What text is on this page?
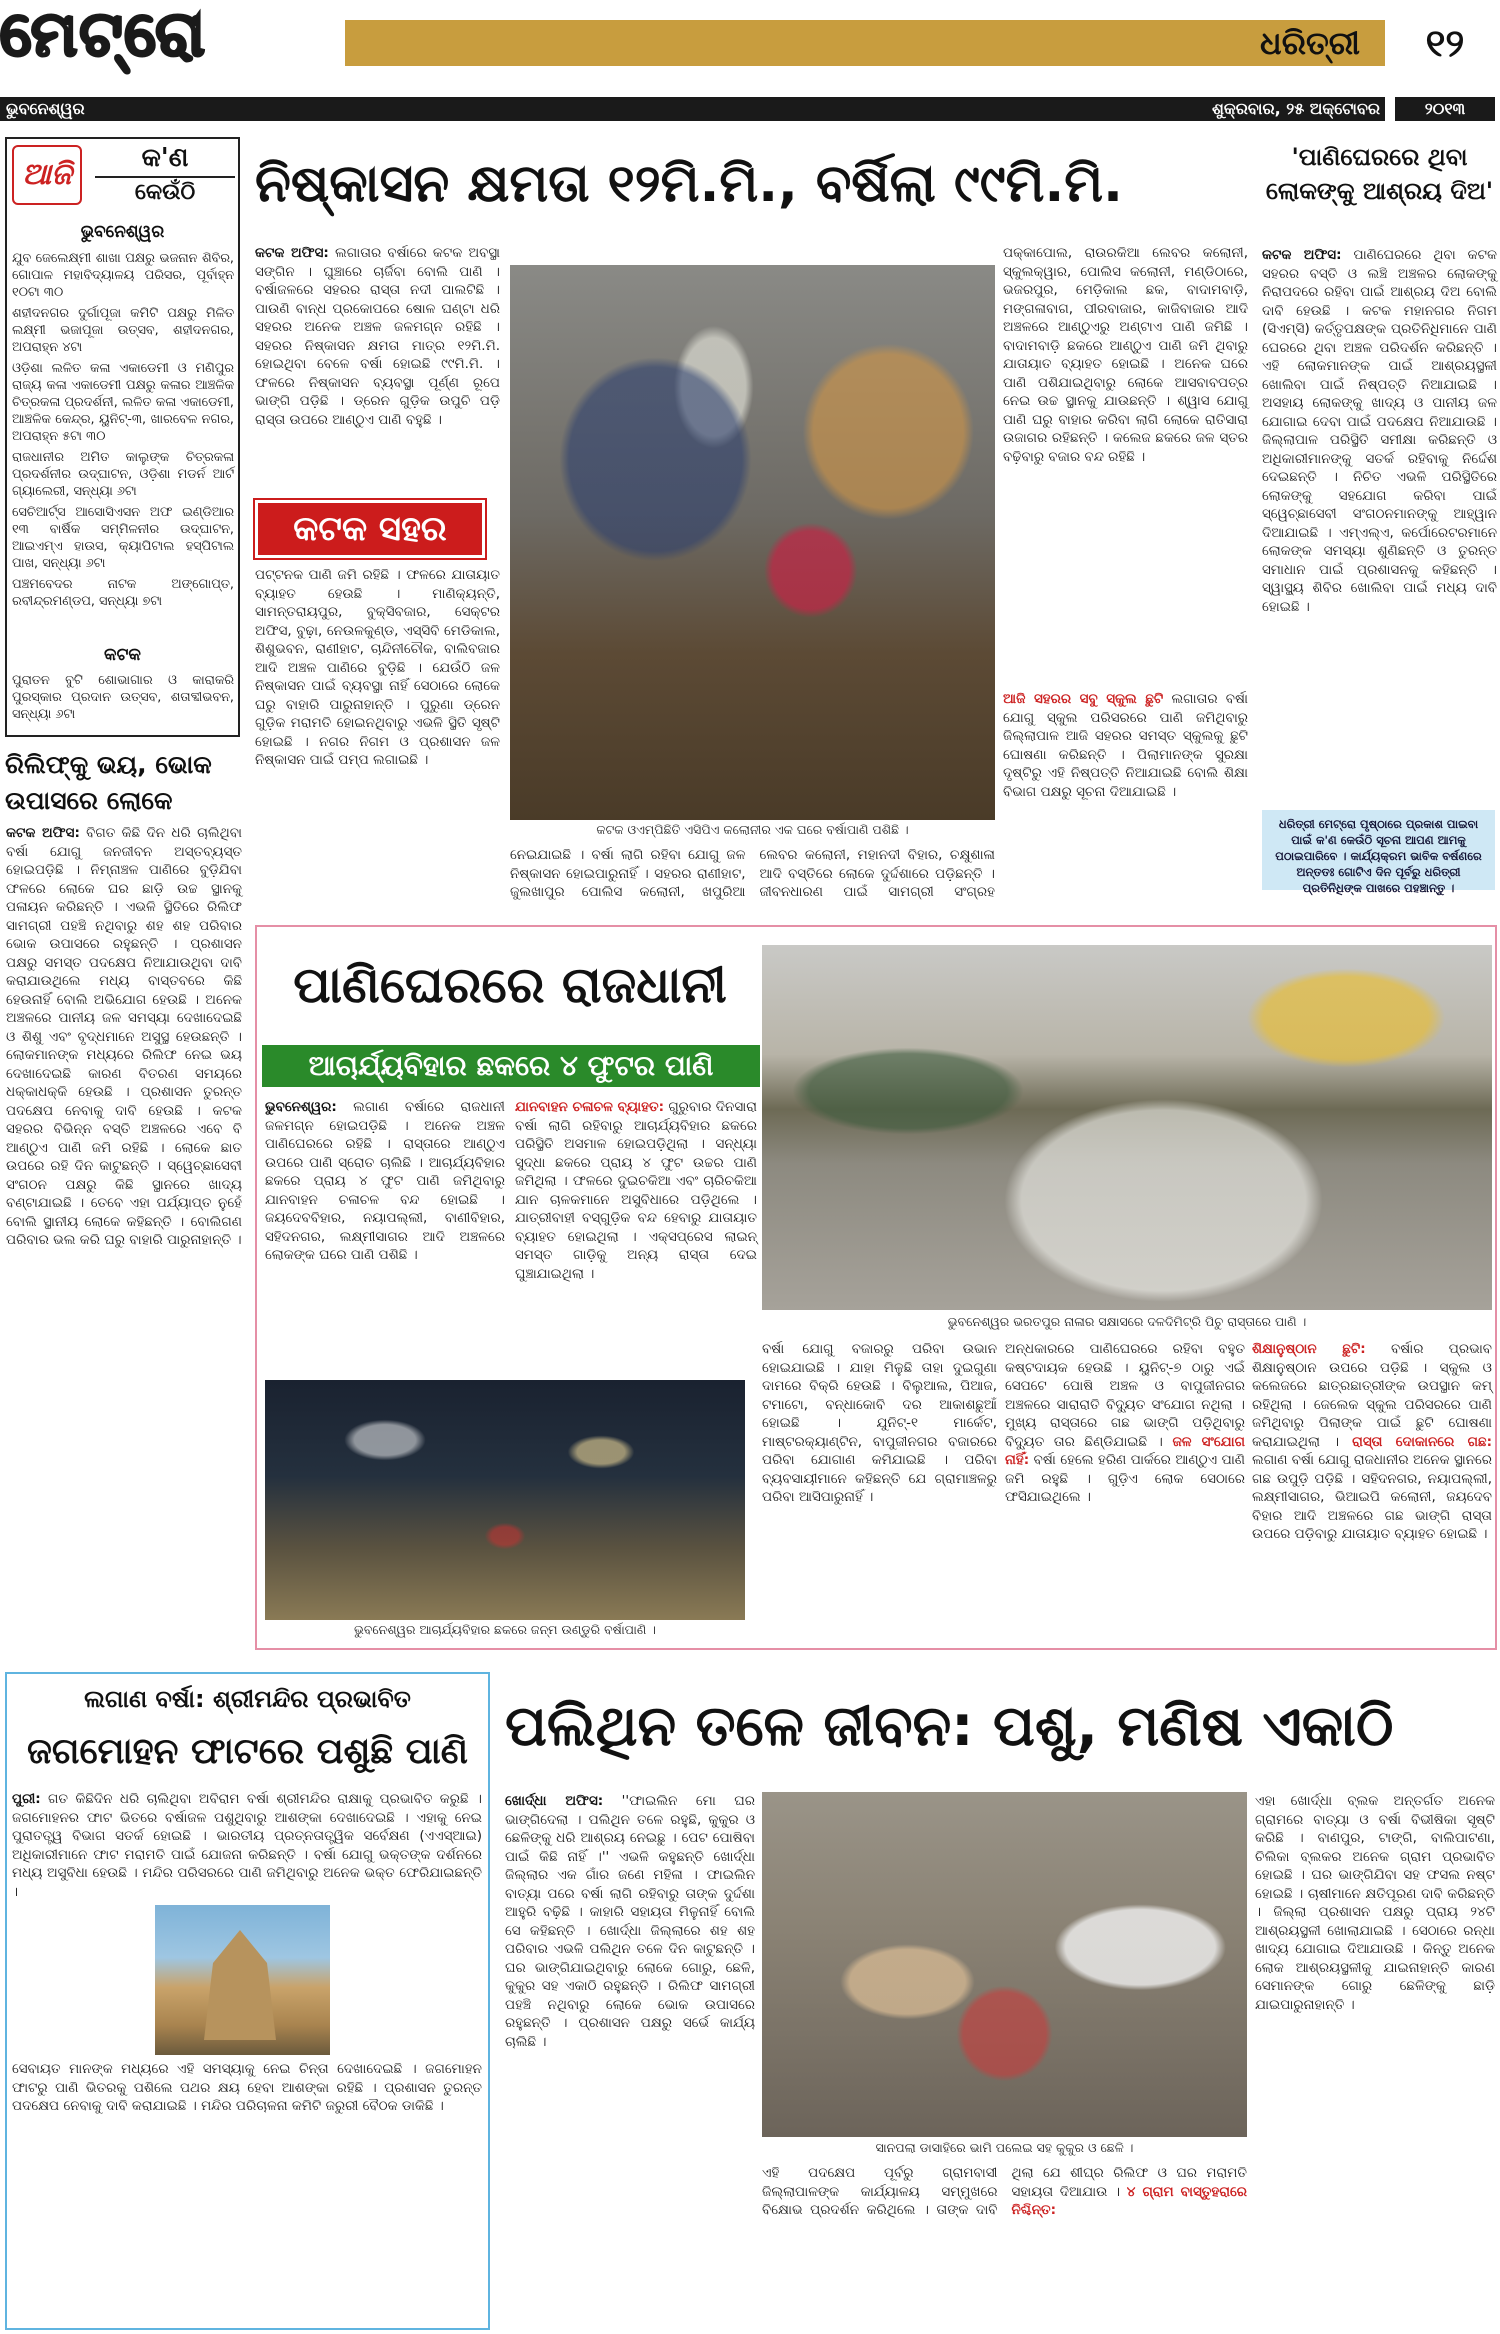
ମେଟ୍ରୋ	ଧରିତ୍ରୀ	୧୨
ଭୁବନେଶ୍ୱର	ଶୁକ୍ରବାର, ୨୫ ଅକ୍ଟୋବର	୨୦୧୩
ଆଜି	କ'ଣ
କେଉଁଠି
ଭୁବନେଶ୍ୱର
ଯୁବ ଜେଲେକ୍ଷ୍ମୀ ଶାଖା ପକ୍ଷରୁ ଭଜନାନ ଶିବିର, ଗୋପାଳ ମହାବିଦ୍ୟାଳୟ ପରିସର, ପୂର୍ବାହ୍ନ ୧୦ଟା ୩୦
ଶହୀଦନଗର ଦୁର୍ଗାପୂଜା କମିଟି ପକ୍ଷରୁ ମିଳିତ ଲକ୍ଷ୍ମୀ ଭଜାପୂଜା ଉତ୍ସବ, ଶହୀଦନଗର, ଅପରାହ୍ନ ୪ଟା
ଓଡ଼ିଶା ଲଳିତ କଳା ଏକାଡେମୀ ଓ ମଣିପୁର ରାଜ୍ୟ କଳା ଏକାଡେମୀ ପକ୍ଷରୁ କଳାର ଆଞ୍ଚଳିକ ଚିତ୍ରକଳା ପ୍ରଦର୍ଶନୀ, ଲଳିତ କଳା ଏକାଡେମୀ, ଆଞ୍ଚଳିକ କେନ୍ଦ୍ର, ୟୁନିଟ୍-୩, ଖାରବେଳ ନଗର, ଅପରାହ୍ନ ୫ଟା ୩୦
ରାଜଧାନୀର ଅମିତ କାଲୁଙ୍କ ଚିତ୍ରକଳା ପ୍ରଦର୍ଶନୀର ଉଦ୍‌ଘାଟନ, ଓଡ଼ିଶା ମଡର୍ନ ଆର୍ଟ ଗ୍ୟାଲେରୀ, ସନ୍ଧ୍ୟା ୬ଟା
ସେଚିଆର୍ଟ୍ସ ଆସୋସିଏସନ ଅଫ ଇଣ୍ଡିଆର ୧୩ ବାର୍ଷିକ ସମ୍ମିଳନୀର ଉଦ୍‌ଘାଟନ, ଆଇଏମ୍‌ଏ ହାଉସ, କ୍ୟାପିଟାଲ ହସ୍ପିଟାଲ ପାଖ, ସନ୍ଧ୍ୟା ୬ଟା
ପଞ୍ଚମବେଦର ନାଟକ ଅଙ୍ଗୋପ୍ତ, ରବୀନ୍ଦ୍ରମଣ୍ଡପ, ସନ୍ଧ୍ୟା ୭ଟା
କଟକ
ପୁରାତନ ବୁଟି ଶୋଭାଗାର ଓ କାରାକରି ପୁରସ୍କାର ପ୍ରଦାନ ଉତ୍ସବ, ଶତାବ୍ଦୀଭବନ, ସନ୍ଧ୍ୟା ୬ଟା
ରିଲିଫ୍‌କୁ ଭୟ, ଭୋକ
ଉପାସରେ ଲୋକେ
କଟକ ଅଫିସ: ବିଗତ କିଛି ଦିନ ଧରି ଚାଲିଥିବା ବର୍ଷା ଯୋଗୁ ଜନଜୀବନ ଅସ୍ତବ୍ୟସ୍ତ ହୋଇପଡ଼ିଛି । ନିମ୍ନାଞ୍ଚଳ ପାଣିରେ ବୁଡ଼ିଯିବା ଫଳରେ ଲୋକେ ଘର ଛାଡ଼ି ଉଚ୍ଚ ସ୍ଥାନକୁ ପଳାୟନ କରିଛନ୍ତି । ଏଭଳି ସ୍ଥିତିରେ ରିଲିଫ ସାମଗ୍ରୀ ପହଞ୍ଚି ନଥିବାରୁ ଶହ ଶହ ପରିବାର ଭୋକ ଉପାସରେ ରହୁଛନ୍ତି । ପ୍ରଶାସନ ପକ୍ଷରୁ ସମସ୍ତ ପଦକ୍ଷେପ ନିଆଯାଉଥିବା ଦାବି କରାଯାଉଥିଲେ ମଧ୍ୟ ବାସ୍ତବରେ କିଛି ହେଉନାହିଁ ବୋଲି ଅଭିଯୋଗ ହେଉଛି । ଅନେକ ଅଞ୍ଚଳରେ ପାନୀୟ ଜଳ ସମସ୍ୟା ଦେଖାଦେଇଛି ଓ ଶିଶୁ ଏବଂ ବୃଦ୍ଧମାନେ ଅସୁସ୍ଥ ହେଉଛନ୍ତି । ଲୋକମାନଙ୍କ ମଧ୍ୟରେ ରିଲିଫ ନେଇ ଭୟ ଦେଖାଦେଇଛି କାରଣ ବିତରଣ ସମୟରେ ଧକ୍କାଧକ୍କି ହେଉଛି । ପ୍ରଶାସନ ତୁରନ୍ତ ପଦକ୍ଷେପ ନେବାକୁ ଦାବି ହେଉଛି । କଟକ ସହରର ବିଭିନ୍ନ ବସ୍ତି ଅଞ୍ଚଳରେ ଏବେ ବି ଆଣ୍ଠୁଏ ପାଣି ଜମି ରହିଛି । ଲୋକେ ଛାତ ଉପରେ ରହି ଦିନ କାଟୁଛନ୍ତି । ସ୍ୱେଚ୍ଛାସେବୀ ସଂଗଠନ ପକ୍ଷରୁ କିଛି ସ୍ଥାନରେ ଖାଦ୍ୟ ବଣ୍ଟାଯାଇଛି । ତେବେ ଏହା ପର୍ଯ୍ୟାପ୍ତ ନୁହେଁ ବୋଲି ସ୍ଥାନୀୟ ଲୋକେ କହିଛନ୍ତି । ବୋଲିଗଣ ପରିବାର ଭଲ କରି ଘରୁ ବାହାରି ପାରୁନାହାନ୍ତି ।
ନିଷ୍କାସନ କ୍ଷମତା ୧୨ମି.ମି., ବର୍ଷିଲା ୯୯ମି.ମି.
କଟକ ଅଫିସ: ଲଗାତାର ବର୍ଷାରେ କଟକ ଅବସ୍ଥା ସଙ୍ଗିନ । ଘୁଞ୍ଚାରେ ଚାର୍ଜିବା ବୋଲି ପାଣି । ବର୍ଷାଜଳରେ ସହରର ରାସ୍ତା ନଦୀ ପାଲଟିଛି । ପାଉଣି ବାନ୍ଧ ପ୍ରକୋପରେ ଷୋଳ ଘଣ୍ଟା ଧରି ସହରର ଅନେକ ଅଞ୍ଚଳ ଜଳମଗ୍ନ ରହିଛି । ସହରର ନିଷ୍କାସନ କ୍ଷମତା ମାତ୍ର ୧୨ମି.ମି. ହୋଇଥିବା ବେଳେ ବର୍ଷା ହୋଇଛି ୯୯ମି.ମି. । ଫଳରେ ନିଷ୍କାସନ ବ୍ୟବସ୍ଥା ପୂର୍ଣ୍ଣ ରୂପେ ଭାଙ୍ଗି ପଡ଼ିଛି । ଡ୍ରେନ ଗୁଡ଼ିକ ଉପୁଚି ପଡ଼ି ରାସ୍ତା ଉପରେ ଆଣ୍ଠୁଏ ପାଣି ବହୁଛି ।
କଟକ ସହର
ପଟ୍ଟନକ ପାଣି ଜମି ରହିଛି । ଫଳରେ ଯାତାୟାତ ବ୍ୟାହତ ହେଉଛି । ମାଣିକ୍ୟନ୍ତି, ସାମନ୍ତରାୟପୁର, ବୁକ୍ସିବଜାର, ସେକ୍ଟର ଅଫିସ, ବୁଢ଼ା, ନେଉଳକୁଣ୍ଡ, ଏସ୍‌ସିବି ମେଡିକାଲ, ଶିଶୁଭବନ, ରାଣୀହାଟ, ଚାନ୍ଦିନୀଚୌକ, ବାଲିବଜାର ଆଦି ଅଞ୍ଚଳ ପାଣିରେ ବୁଡ଼ିଛି । ଯେଉଁଠି ଜଳ ନିଷ୍କାସନ ପାଇଁ ବ୍ୟବସ୍ଥା ନାହିଁ ସେଠାରେ ଲୋକେ ଘରୁ ବାହାରି ପାରୁନାହାନ୍ତି । ପୁରୁଣା ଡ୍ରେନ ଗୁଡ଼ିକ ମରାମତି ହୋଇନଥିବାରୁ ଏଭଳି ସ୍ଥିତି ସୃଷ୍ଟି ହୋଇଛି । ନଗର ନିଗମ ଓ ପ୍ରଶାସନ ଜଳ ନିଷ୍କାସନ ପାଇଁ ପମ୍ପ ଲଗାଇଛି ।
କଟକ ଓଏମ୍‌ପିଛିତି ଏସିପିଏ କଲୋନୀର ଏକ ଘରେ ବର୍ଷାପାଣି ପଶିଛି ।
ନେଇଯାଇଛି । ବର୍ଷା ଲାଗି ରହିବା ଯୋଗୁ ଜଳ ନିଷ୍କାସନ ହୋଇପାରୁନାହିଁ । ସହରର ରାଣୀହାଟ, ଜୁଲଖାପୁର ପୋଲିସ କଲୋନୀ, ଖପୁରିଆ ଲେବର କଲୋନୀ, ମହାନଦୀ ବିହାର, ଚକ୍ଷୁଶାଳା ଆଦି ବସ୍ତିରେ ଲୋକେ ଦୁର୍ଦ୍ଦଶାରେ ପଡ଼ିଛନ୍ତି । ଜୀବନଧାରଣ ପାଇଁ ସାମଗ୍ରୀ ସଂଗ୍ରହ
ପକ୍କାପୋଲ, ରାଉରକିଆ ଲେବର କଲୋନୀ, ସ୍କୁଲକ୍ୱାର, ପୋଲିସ କଲୋନୀ, ମଣ୍ଡିଠାରେ, ଭଜରପୁର, ମେଡ଼ିକାଲ ଛକ, ବାଦାମବାଡ଼ି, ମଙ୍ଗଳାବାଗ, ପୀରବାଜାର, କାଜିବାଜାର ଆଦି ଅଞ୍ଚଳରେ ଆଣ୍ଠୁଏରୁ ଅଣ୍ଟାଏ ପାଣି ଜମିଛି । ବାଦାମବାଡ଼ି ଛକରେ ଆଣ୍ଠୁଏ ପାଣି ଜମି ଥିବାରୁ ଯାତାୟାତ ବ୍ୟାହତ ହୋଇଛି । ଅନେକ ଘରେ ପାଣି ପଶିଯାଇଥିବାରୁ ଲୋକେ ଆସବାବପତ୍ର ନେଇ ଉଚ୍ଚ ସ୍ଥାନକୁ ଯାଉଛନ୍ତି । ଶ୍ୱାସ ଯୋଗୁ ପାଣି ଘରୁ ବାହାର କରିବା ଲାଗି ଲୋକେ ରାତିସାରା ଉଜାଗର ରହିଛନ୍ତି । କଲେଜ ଛକରେ ଜଳ ସ୍ତର ବଢ଼ିବାରୁ ବଜାର ବନ୍ଦ ରହିଛି ।
ଆଜି ସହରର ସବୁ ସ୍କୁଲ ଛୁଟି ଲଗାତାର ବର୍ଷା ଯୋଗୁ ସ୍କୁଲ ପରିସରରେ ପାଣି ଜମିଥିବାରୁ ଜିଲ୍ଲାପାଳ ଆଜି ସହରର ସମସ୍ତ ସ୍କୁଲକୁ ଛୁଟି ଘୋଷଣା କରିଛନ୍ତି । ପିଲାମାନଙ୍କ ସୁରକ୍ଷା ଦୃଷ୍ଟିରୁ ଏହି ନିଷ୍ପତ୍ତି ନିଆଯାଇଛି ବୋଲି ଶିକ୍ଷା ବିଭାଗ ପକ୍ଷରୁ ସୂଚନା ଦିଆଯାଇଛି ।
'ପାଣିଘେରରେ ଥିବା ଲୋକଙ୍କୁ ଆଶ୍ରୟ ଦିଅ'
କଟକ ଅଫିସ: ପାଣିଘେରରେ ଥିବା କଟକ ସହରର ବସ୍ତି ଓ ଲଞ୍ଚି ଅଞ୍ଚଳର ଲୋକଙ୍କୁ ନିରାପଦରେ ରହିବା ପାଇଁ ଆଶ୍ରୟ ଦିଅ ବୋଲି ଦାବି ହେଉଛି । କଟକ ମହାନଗର ନିଗମ (ସିଏମ୍‌ସି) କର୍ତ୍ତୃପକ୍ଷଙ୍କ ପ୍ରତିନିଧିମାନେ ପାଣି ଘେରରେ ଥିବା ଅଞ୍ଚଳ ପରିଦର୍ଶନ କରିଛନ୍ତି । ଏହି ଲୋକମାନଙ୍କ ପାଇଁ ଆଶ୍ରୟସ୍ଥଳୀ ଖୋଲିବା ପାଇଁ ନିଷ୍ପତ୍ତି ନିଆଯାଇଛି । ଅସହାୟ ଲୋକଙ୍କୁ ଖାଦ୍ୟ ଓ ପାନୀୟ ଜଳ ଯୋଗାଇ ଦେବା ପାଇଁ ପଦକ୍ଷେପ ନିଆଯାଉଛି । ଜିଲ୍ଲାପାଳ ପରିସ୍ଥିତି ସମୀକ୍ଷା କରିଛନ୍ତି ଓ ଅଧିକାରୀମାନଙ୍କୁ ସତର୍କ ରହିବାକୁ ନିର୍ଦ୍ଦେଶ ଦେଇଛନ୍ତି । ନିଚିତ ଏଭଳି ପରିସ୍ଥିତିରେ ଲୋକଙ୍କୁ ସହଯୋଗ କରିବା ପାଇଁ ସ୍ୱେଚ୍ଛାସେବୀ ସଂଗଠନମାନଙ୍କୁ ଆହ୍ୱାନ ଦିଆଯାଇଛି । ଏମ୍‌ଏଲ୍‌ଏ, କର୍ପୋରେଟରମାନେ ଲୋକଙ୍କ ସମସ୍ୟା ଶୁଣିଛନ୍ତି ଓ ତୁରନ୍ତ ସମାଧାନ ପାଇଁ ପ୍ରଶାସନକୁ କହିଛନ୍ତି । ସ୍ୱାସ୍ଥ୍ୟ ଶିବିର ଖୋଲିବା ପାଇଁ ମଧ୍ୟ ଦାବି ହୋଇଛି ।
ଧରିତ୍ରୀ ମେଟ୍ରୋ ପୃଷ୍ଠାରେ ପ୍ରକାଶ ପାଇବା ପାଇଁ କ'ଣ କେଉଁଠି ସୂଚନା ଆପଣ ଆମକୁ ପଠାଇପାରିବେ । କାର୍ଯ୍ୟକ୍ରମ ଭାବିକ ବର୍ଷଣରେ ଅନ୍ତତଃ ଗୋଟିଏ ଦିନ ପୂର୍ବରୁ ଧରିତ୍ରୀ ପ୍ରତିନିଧିଙ୍କ ପାଖରେ ପହଞ୍ଚାନ୍ତୁ ।
ପାଣିଘେରରେ ରାଜଧାନୀ
ଆଚାର୍ଯ୍ୟବିହାର ଛକରେ ୪ ଫୁଟର ପାଣି
ଭୁବନେଶ୍ୱର: ଲଗାଣ ବର୍ଷାରେ ରାଜଧାନୀ ଜଳମଗ୍ନ ହୋଇପଡ଼ିଛି । ଅନେକ ଅଞ୍ଚଳ ପାଣିଘେରରେ ରହିଛି । ରାସ୍ତାରେ ଆଣ୍ଠୁଏ ଉପରେ ପାଣି ସ୍ରୋତ ଚାଲିଛି । ଆଚାର୍ଯ୍ୟବିହାର ଛକରେ ପ୍ରାୟ ୪ ଫୁଟ ପାଣି ଜମିଥିବାରୁ ଯାନବାହନ ଚଳାଚଳ ବନ୍ଦ ହୋଇଛି । ଜୟଦେବବିହାର, ନୟାପଲ୍ଲୀ, ବାଣୀବିହାର, ସହିଦନଗର, ଲକ୍ଷ୍ମୀସାଗର ଆଦି ଅଞ୍ଚଳରେ ଲୋକଙ୍କ ଘରେ ପାଣି ପଶିଛି ।
ଯାନବାହନ ଚଳାଚଳ ବ୍ୟାହତ: ଗୁରୁବାର ଦିନସାରା ବର୍ଷା ଲାଗି ରହିବାରୁ ଆଚାର୍ଯ୍ୟବିହାର ଛକରେ ପରିସ୍ଥିତି ଅସମାଳ ହୋଇପଡ଼ିଥିଲା । ସନ୍ଧ୍ୟା ସୁଦ୍ଧା ଛକରେ ପ୍ରାୟ ୪ ଫୁଟ ଉଚ୍ଚର ପାଣି ଜମିଥିଲା । ଫଳରେ ଦୁଇଚକିଆ ଏବଂ ଚାରିଚକିଆ ଯାନ ଚାଳକମାନେ ଅସୁବିଧାରେ ପଡ଼ିଥିଲେ । ଯାତ୍ରୀବାହୀ ବସ୍‌ଗୁଡ଼ିକ ବନ୍ଦ ହେବାରୁ ଯାତାୟାତ ବ୍ୟାହତ ହୋଇଥିଲା । ଏକ୍ସପ୍ରେସ ଲାଇନ୍ ସମସ୍ତ ଗାଡ଼ିକୁ ଅନ୍ୟ ରାସ୍ତା ଦେଇ ଘୁଞ୍ଚାଯାଇଥିଲା ।
ଭୁବନେଶ୍ୱର ଭରତପୁର ନାଳାର ସକ୍ଷାସରେ ଦଳଦିମିଟ୍ରି ପିଚୁ ରାସ୍ତାରେ ପାଣି ।
ଭୁବନେଶ୍ୱର ଆଚାର୍ଯ୍ୟବିହାର ଛକରେ ଜନ୍ମ ଉଣ୍ଡୁରି ବର୍ଷାପାଣି ।
ବର୍ଷା ଯୋଗୁ ବଜାରରୁ ପରିବା ଉଭାନ ହୋଇଯାଇଛି । ଯାହା ମିଳୁଛି ତାହା ଦୁଇଗୁଣା ଦାମରେ ବିକ୍ରି ହେଉଛି । ବିଲୁଆଲ, ପିଆଜ, ଟମାଟୋ, ବନ୍ଧାକୋବି ଦର ଆକାଶଛୁଆଁ ହୋଇଛି । ଯୁନିଟ୍-୧ ମାର୍କେଟ, ମାଷ୍ଟରକ୍ୟାଣ୍ଟିନ, ବାପୁଜୀନଗର ବଜାରରେ ପରିବା ଯୋଗାଣ କମିଯାଇଛି । ପରିବା ବ୍ୟବସାୟୀମାନେ କହିଛନ୍ତି ଯେ ଗ୍ରାମାଞ୍ଚଳରୁ ପରିବା ଆସିପାରୁନାହିଁ ।
ଅନ୍ଧକାରରେ ପାଣିଘେରରେ ରହିବା ବହୁତ କଷ୍ଟଦାୟକ ହେଉଛି । ୟୁନିଟ୍-୭ ଠାରୁ ଏଇଁ ସେପଟେ ପୋଷି ଅଞ୍ଚଳ ଓ ବାପୁଜୀନଗର ଅଞ୍ଚଳରେ ସାରାରାତି ବିଦ୍ୟୁତ ସଂଯୋଗ ନଥିଲା । ମୁଖ୍ୟ ରାସ୍ତାରେ ଗଛ ଭାଙ୍ଗି ପଡ଼ିଥିବାରୁ ବିଦ୍ୟୁତ ତାର ଛିଣ୍ଡିଯାଇଛି । ଜଳ ସଂଯୋଗ ନାହିଁ: ବର୍ଷା ହେଲେ ହରିଣ ପାର୍କରେ ଆଣ୍ଠୁଏ ପାଣି ଜମି ରହୁଛି । ଗୁଡ଼ିଏ ଲୋକ ସେଠାରେ ଫସିଯାଇଥିଲେ ।
ଶିକ୍ଷାନୁଷ୍ଠାନ ଛୁଟି: ବର୍ଷାର ପ୍ରଭାବ ଶିକ୍ଷାନୁଷ୍ଠାନ ଉପରେ ପଡ଼ିଛି । ସ୍କୁଲ ଓ କଲେଜରେ ଛାତ୍ରଛାତ୍ରୀଙ୍କ ଉପସ୍ଥାନ କମ୍ ରହିଥିଲା । ଜେଲେକ ସ୍କୁଲ ପରିସରରେ ପାଣି ଜମିଥିବାରୁ ପିଲାଙ୍କ ପାଇଁ ଛୁଟି ଘୋଷଣା କରାଯାଇଥିଲା । ରାସ୍ତା ଦୋକାନରେ ଗଛ: ଲଗାଣ ବର୍ଷା ଯୋଗୁ ରାଜଧାନୀର ଅନେକ ସ୍ଥାନରେ ଗଛ ଉପୁଡ଼ି ପଡ଼ିଛି । ସହିଦନଗର, ନୟାପଲ୍ଲୀ, ଲକ୍ଷ୍ମୀସାଗର, ଭିଆଇପି କଲୋନୀ, ଜୟଦେବ ବିହାର ଆଦି ଅଞ୍ଚଳରେ ଗଛ ଭାଙ୍ଗି ରାସ୍ତା ଉପରେ ପଡ଼ିବାରୁ ଯାତାୟାତ ବ୍ୟାହତ ହୋଇଛି ।
ଲଗାଣ ବର୍ଷା: ଶ୍ରୀମନ୍ଦିର ପ୍ରଭାବିତ
ଜଗମୋହନ ଫାଟରେ ପଶୁଛି ପାଣି
ପୁରୀ: ଗତ କିଛିଦିନ ଧରି ଚାଲିଥିବା ଅବିରାମ ବର୍ଷା ଶ୍ରୀମନ୍ଦିର ରାକ୍ଷାକୁ ପ୍ରଭାବିତ କରୁଛି । ଜଗମୋହନର ଫାଟ ଭିତରେ ବର୍ଷାଜଳ ପଶୁଥିବାରୁ ଆଶଙ୍କା ଦେଖାଦେଇଛି । ଏହାକୁ ନେଇ ପୁରାତତ୍ତ୍ୱ ବିଭାଗ ସତର୍କ ହୋଇଛି । ଭାରତୀୟ ପ୍ରତ୍ନତାତ୍ତ୍ୱିକ ସର୍ବେକ୍ଷଣ (ଏଏସ୍‌ଆଇ) ଅଧିକାରୀମାନେ ଫାଟ ମରାମତି ପାଇଁ ଯୋଜନା କରିଛନ୍ତି । ବର୍ଷା ଯୋଗୁ ଭକ୍ତଙ୍କ ଦର୍ଶନରେ ମଧ୍ୟ ଅସୁବିଧା ହେଉଛି । ମନ୍ଦିର ପରିସରରେ ପାଣି ଜମିଥିବାରୁ ଅନେକ ଭକ୍ତ ଫେରିଯାଇଛନ୍ତି ।
ସେବାୟତ ମାନଙ୍କ ମଧ୍ୟରେ ଏହି ସମସ୍ୟାକୁ ନେଇ ଚିନ୍ତା ଦେଖାଦେଇଛି । ଜଗମୋହନ ଫାଟରୁ ପାଣି ଭିତରକୁ ପଶିଲେ ପଥର କ୍ଷୟ ହେବା ଆଶଙ୍କା ରହିଛି । ପ୍ରଶାସନ ତୁରନ୍ତ ପଦକ୍ଷେପ ନେବାକୁ ଦାବି କରାଯାଇଛି । ମନ୍ଦିର ପରିଚାଳନା କମିଟି ଜରୁରୀ ବୈଠକ ଡାକିଛି ।
ପଲିଥିନ ତଳେ ଜୀବନ: ପଶୁ, ମଣିଷ ଏକାଠି
ଖୋର୍ଦ୍ଧା ଅଫିସ: ''ଫାଇଲିନ ମୋ ଘର ଭାଙ୍ଗିଦେଲା । ପଲିଥିନ ତଳେ ରହୁଛି, କୁକୁର ଓ ଛେଳିଙ୍କୁ ଧରି ଆଶ୍ରୟ ନେଇଛୁ । ପେଟ ପୋଷିବା ପାଇଁ କିଛି ନାହିଁ ।'' ଏଭଳି କହୁଛନ୍ତି ଖୋର୍ଦ୍ଧା ଜିଲ୍ଲାର ଏକ ଗାଁର ଜଣେ ମହିଳା । ଫାଇଲିନ ବାତ୍ୟା ପରେ ବର୍ଷା ଲାଗି ରହିବାରୁ ତାଙ୍କ ଦୁର୍ଦ୍ଦଶା ଆହୁରି ବଢ଼ିଛି । କାହାରି ସହାୟତା ମିଳୁନାହିଁ ବୋଲି ସେ କହିଛନ୍ତି । ଖୋର୍ଦ୍ଧା ଜିଲ୍ଲାରେ ଶହ ଶହ ପରିବାର ଏଭଳି ପଲିଥିନ ତଳେ ଦିନ କାଟୁଛନ୍ତି । ଘର ଭାଙ୍ଗିଯାଇଥିବାରୁ ଲୋକେ ଗୋରୁ, ଛେଳି, କୁକୁର ସହ ଏକାଠି ରହୁଛନ୍ତି । ରିଲିଫ ସାମଗ୍ରୀ ପହଞ୍ଚି ନଥିବାରୁ ଲୋକେ ଭୋକ ଉପାସରେ ରହୁଛନ୍ତି । ପ୍ରଶାସନ ପକ୍ଷରୁ ସର୍ଭେ କାର୍ଯ୍ୟ ଚାଲିଛି ।
ସାନପଲା ଡାସାହିରେ ଭାମି ପଲେଇ ସହ କୁକୁର ଓ ଛେଳି ।
ଏହି ପଦକ୍ଷେପ ପୂର୍ବରୁ ଗ୍ରାମବାସୀ ଜିଲ୍ଲାପାଳଙ୍କ କାର୍ଯ୍ୟାଳୟ ସମ୍ମୁଖରେ ବିକ୍ଷୋଭ ପ୍ରଦର୍ଶନ କରିଥିଲେ । ତାଙ୍କ ଦାବି ଥିଲା ଯେ ଶୀଘ୍ର ରିଲିଫ ଓ ଘର ମରାମତି ସହାୟତା ଦିଆଯାଉ । ୪ ଗ୍ରାମ ବାସ୍ତୁହରାରେ ନିଶ୍ଚିନ୍ତ:
ଏହା ଖୋର୍ଦ୍ଧା ବ୍ଲକ ଅନ୍ତର୍ଗତ ଅନେକ ଗ୍ରାମରେ ବାତ୍ୟା ଓ ବର୍ଷା ବିଭୀଷିକା ସୃଷ୍ଟି କରିଛି । ବାଣପୁର, ଟାଙ୍ଗି, ବାଲିପାଟଣା, ଚିଲିକା ବ୍ଲକର ଅନେକ ଗ୍ରାମ ପ୍ରଭାବିତ ହୋଇଛି । ଘର ଭାଙ୍ଗିଯିବା ସହ ଫସଲ ନଷ୍ଟ ହୋଇଛି । ଚାଷୀମାନେ କ୍ଷତିପୂରଣ ଦାବି କରିଛନ୍ତି । ଜିଲ୍ଲା ପ୍ରଶାସନ ପକ୍ଷରୁ ପ୍ରାୟ ୨୪ଟି ଆଶ୍ରୟସ୍ଥଳୀ ଖୋଲାଯାଇଛି । ସେଠାରେ ରନ୍ଧା ଖାଦ୍ୟ ଯୋଗାଇ ଦିଆଯାଉଛି । କିନ୍ତୁ ଅନେକ ଲୋକ ଆଶ୍ରୟସ୍ଥଳୀକୁ ଯାଇନାହାନ୍ତି କାରଣ ସେମାନଙ୍କ ଗୋରୁ ଛେଳିଙ୍କୁ ଛାଡ଼ି ଯାଇପାରୁନାହାନ୍ତି ।
